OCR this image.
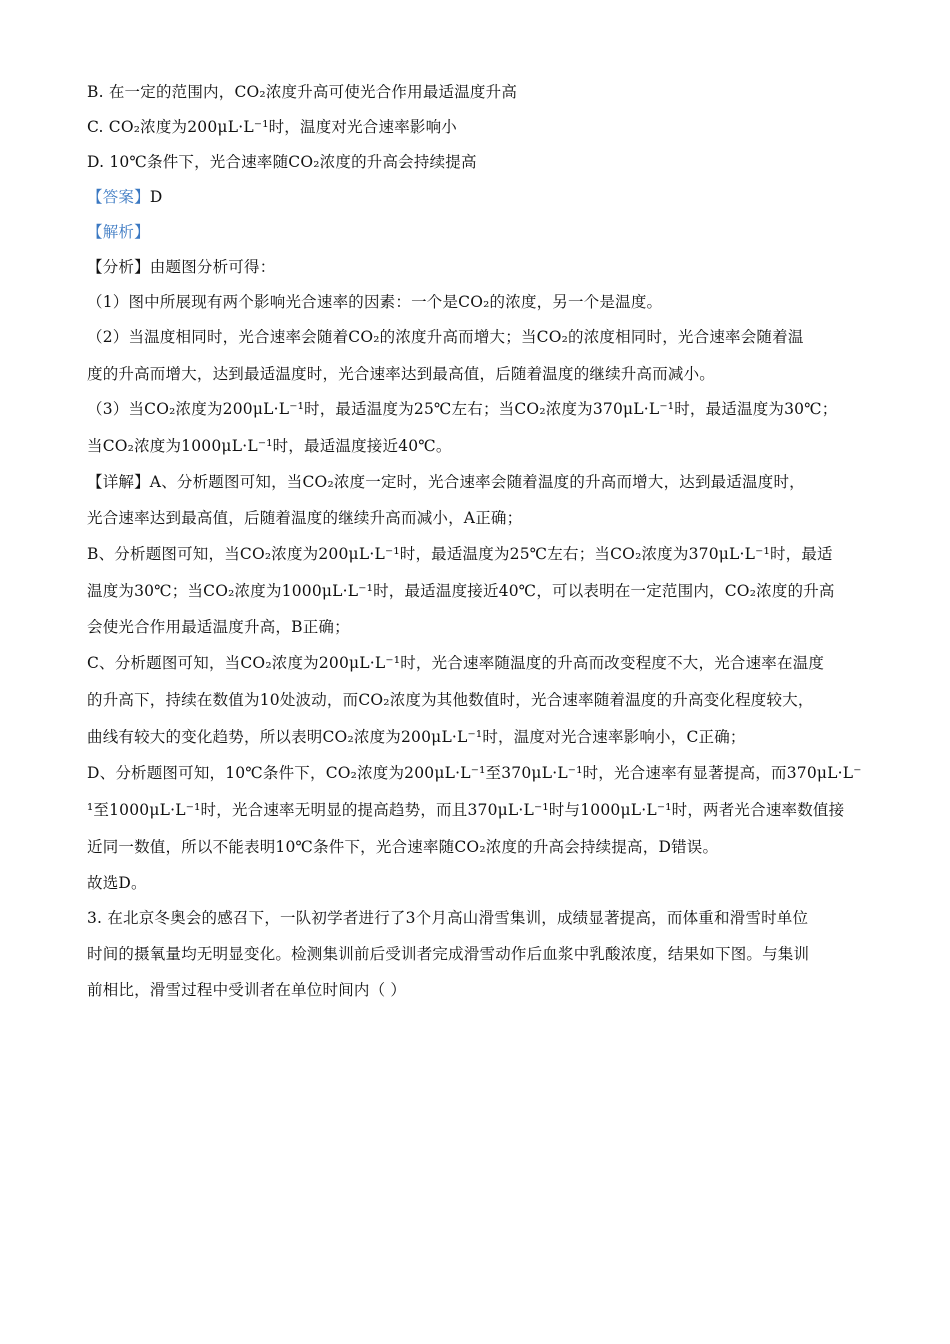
B. 在一定的范围内，CO₂浓度升高可使光合作用最适温度升高
C. CO₂浓度为200μL·L⁻¹时，温度对光合速率影响小
D. 10℃条件下，光合速率随CO₂浓度的升高会持续提高
【答案】D
【解析】
【分析】由题图分析可得：
（1）图中所展现有两个影响光合速率的因素：一个是CO₂的浓度，另一个是温度。
（2）当温度相同时，光合速率会随着CO₂的浓度升高而增大；当CO₂的浓度相同时，光合速率会随着温
度的升高而增大，达到最适温度时，光合速率达到最高值，后随着温度的继续升高而减小。
（3）当CO₂浓度为200μL·L⁻¹时，最适温度为25℃左右；当CO₂浓度为370μL·L⁻¹时，最适温度为30℃；
当CO₂浓度为1000μL·L⁻¹时，最适温度接近40℃。
【详解】A、分析题图可知，当CO₂浓度一定时，光合速率会随着温度的升高而增大，达到最适温度时，
光合速率达到最高值，后随着温度的继续升高而减小，A正确；
B、分析题图可知，当CO₂浓度为200μL·L⁻¹时，最适温度为25℃左右；当CO₂浓度为370μL·L⁻¹时，最适
温度为30℃；当CO₂浓度为1000μL·L⁻¹时，最适温度接近40℃，可以表明在一定范围内，CO₂浓度的升高
会使光合作用最适温度升高，B正确；
C、分析题图可知，当CO₂浓度为200μL·L⁻¹时，光合速率随温度的升高而改变程度不大，光合速率在温度
的升高下，持续在数值为10处波动，而CO₂浓度为其他数值时，光合速率随着温度的升高变化程度较大，
曲线有较大的变化趋势，所以表明CO₂浓度为200μL·L⁻¹时，温度对光合速率影响小，C正确；
D、分析题图可知，10℃条件下，CO₂浓度为200μL·L⁻¹至370μL·L⁻¹时，光合速率有显著提高，而370μL·L⁻
¹至1000μL·L⁻¹时，光合速率无明显的提高趋势，而且370μL·L⁻¹时与1000μL·L⁻¹时，两者光合速率数值接
近同一数值，所以不能表明10℃条件下，光合速率随CO₂浓度的升高会持续提高，D错误。
故选D。
3. 在北京冬奥会的感召下，一队初学者进行了3个月高山滑雪集训，成绩显著提高，而体重和滑雪时单位
时间的摄氧量均无明显变化。检测集训前后受训者完成滑雪动作后血浆中乳酸浓度，结果如下图。与集训
前相比，滑雪过程中受训者在单位时间内（ ）
